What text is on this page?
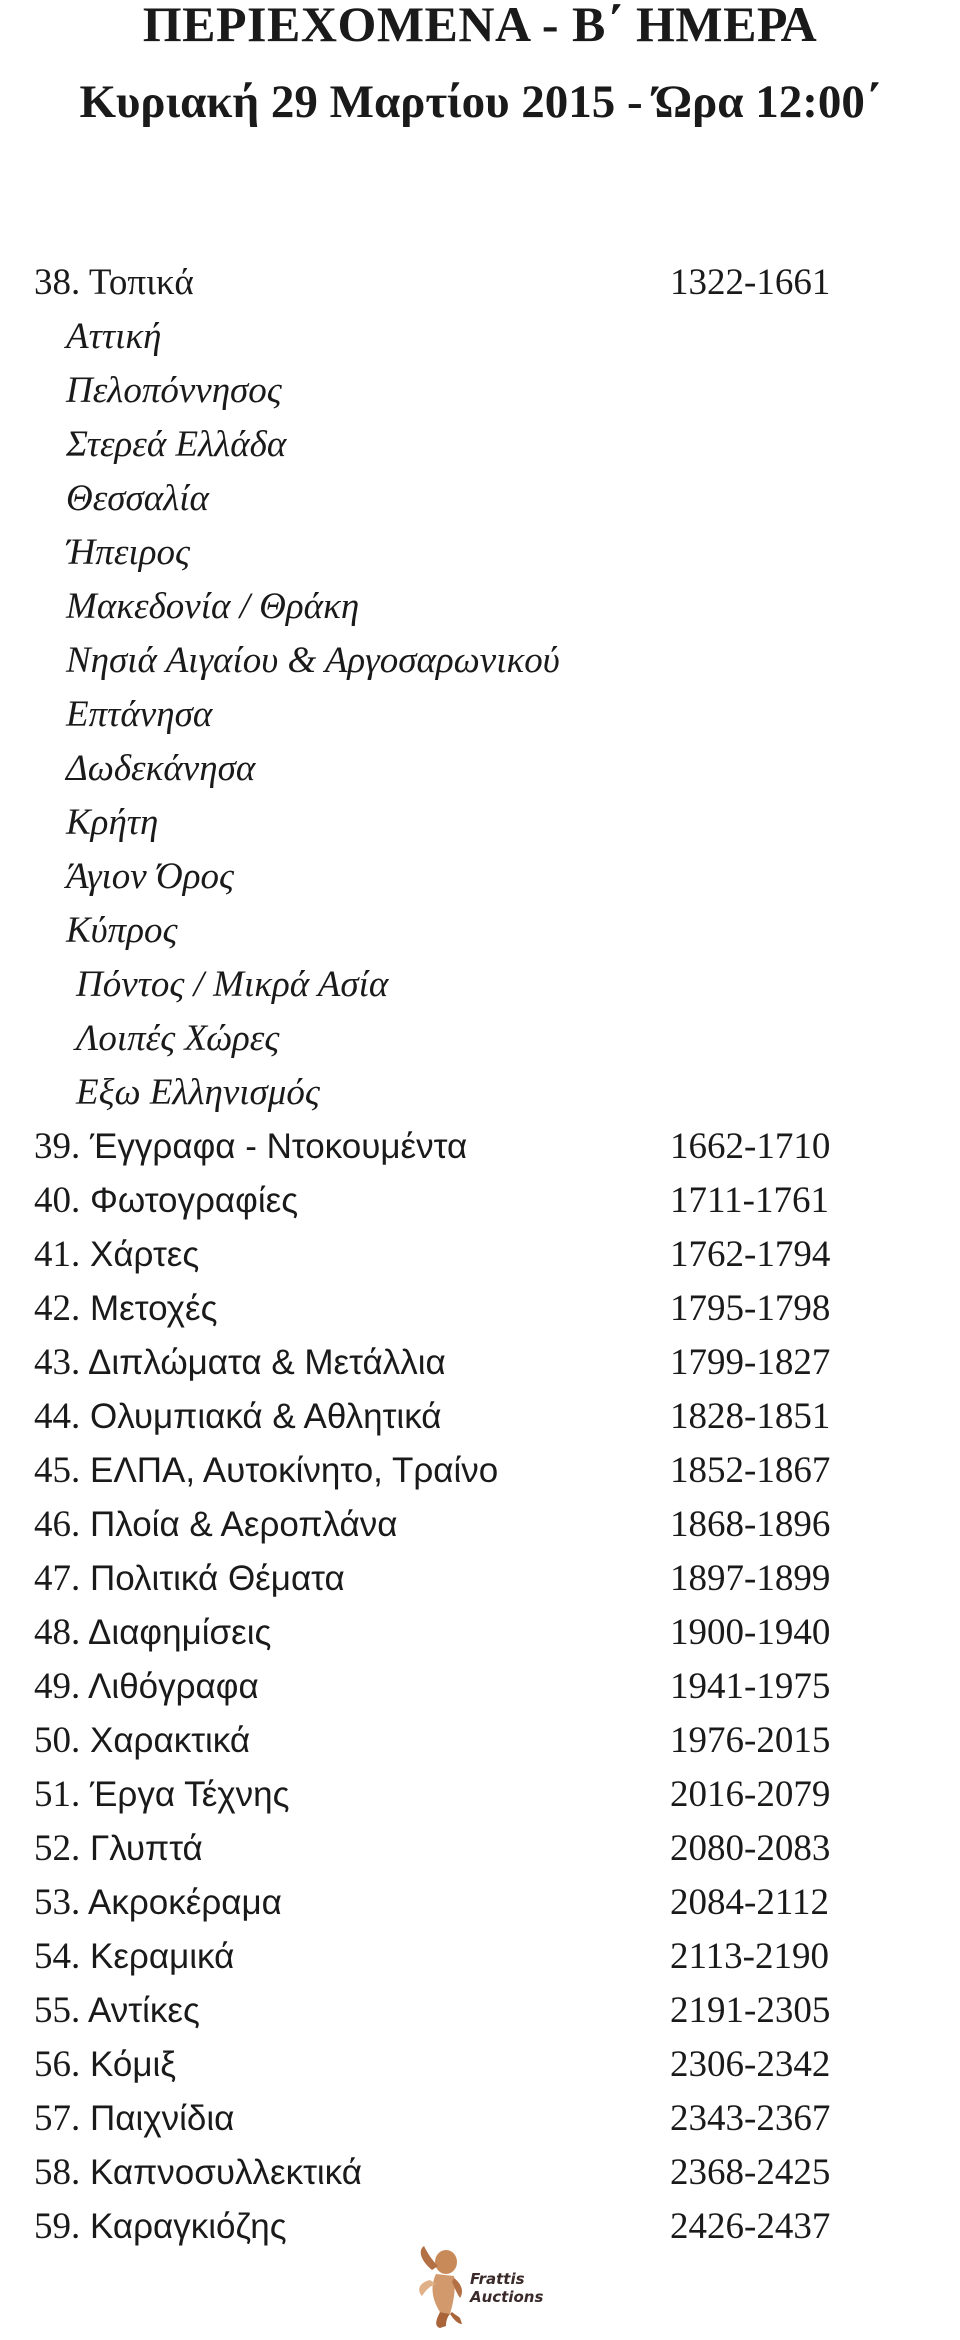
ΠΕΡΙΕΧΟΜΕΝΑ - Β΄ ΗΜΕΡΑ
Κυριακή 29 Μαρτίου 2015 - Ώρα 12:00΄
38. Τοπικά	1322-1661
Αττική
Πελοπόννησος
Στερεά Ελλάδα
Θεσσαλία
Ήπειρος
Μακεδονία / Θράκη
Νησιά Αιγαίου & Αργοσαρωνικού
Επτάνησα
Δωδεκάνησα
Κρήτη
Άγιον Όρος
Κύπρος
Πόντος / Μικρά Ασία
Λοιπές Χώρες
Εξω Ελληνισμός
39. Έγγραφα - Ντοκουμέντα	1662-1710
40. Φωτογραφίες	1711-1761
41. Χάρτες	1762-1794
42. Μετοχές	1795-1798
43. Διπλώματα & Μετάλλια	1799-1827
44. Ολυμπιακά & Αθλητικά	1828-1851
45. ΕΛΠΑ, Αυτοκίνητο, Τραίνο	1852-1867
46. Πλοία & Αεροπλάνα	1868-1896
47. Πολιτικά Θέματα	1897-1899
48. Διαφημίσεις	1900-1940
49. Λιθόγραφα	1941-1975
50. Χαρακτικά	1976-2015
51. Έργα Τέχνης	2016-2079
52. Γλυπτά	2080-2083
53. Ακροκέραμα	2084-2112
54. Κεραμικά	2113-2190
55. Αντίκες	2191-2305
56. Κόμιξ	2306-2342
57. Παιχνίδια	2343-2367
58. Καπνοσυλλεκτικά	2368-2425
59. Καραγκιόζης	2426-2437
Frattis
Auctions
